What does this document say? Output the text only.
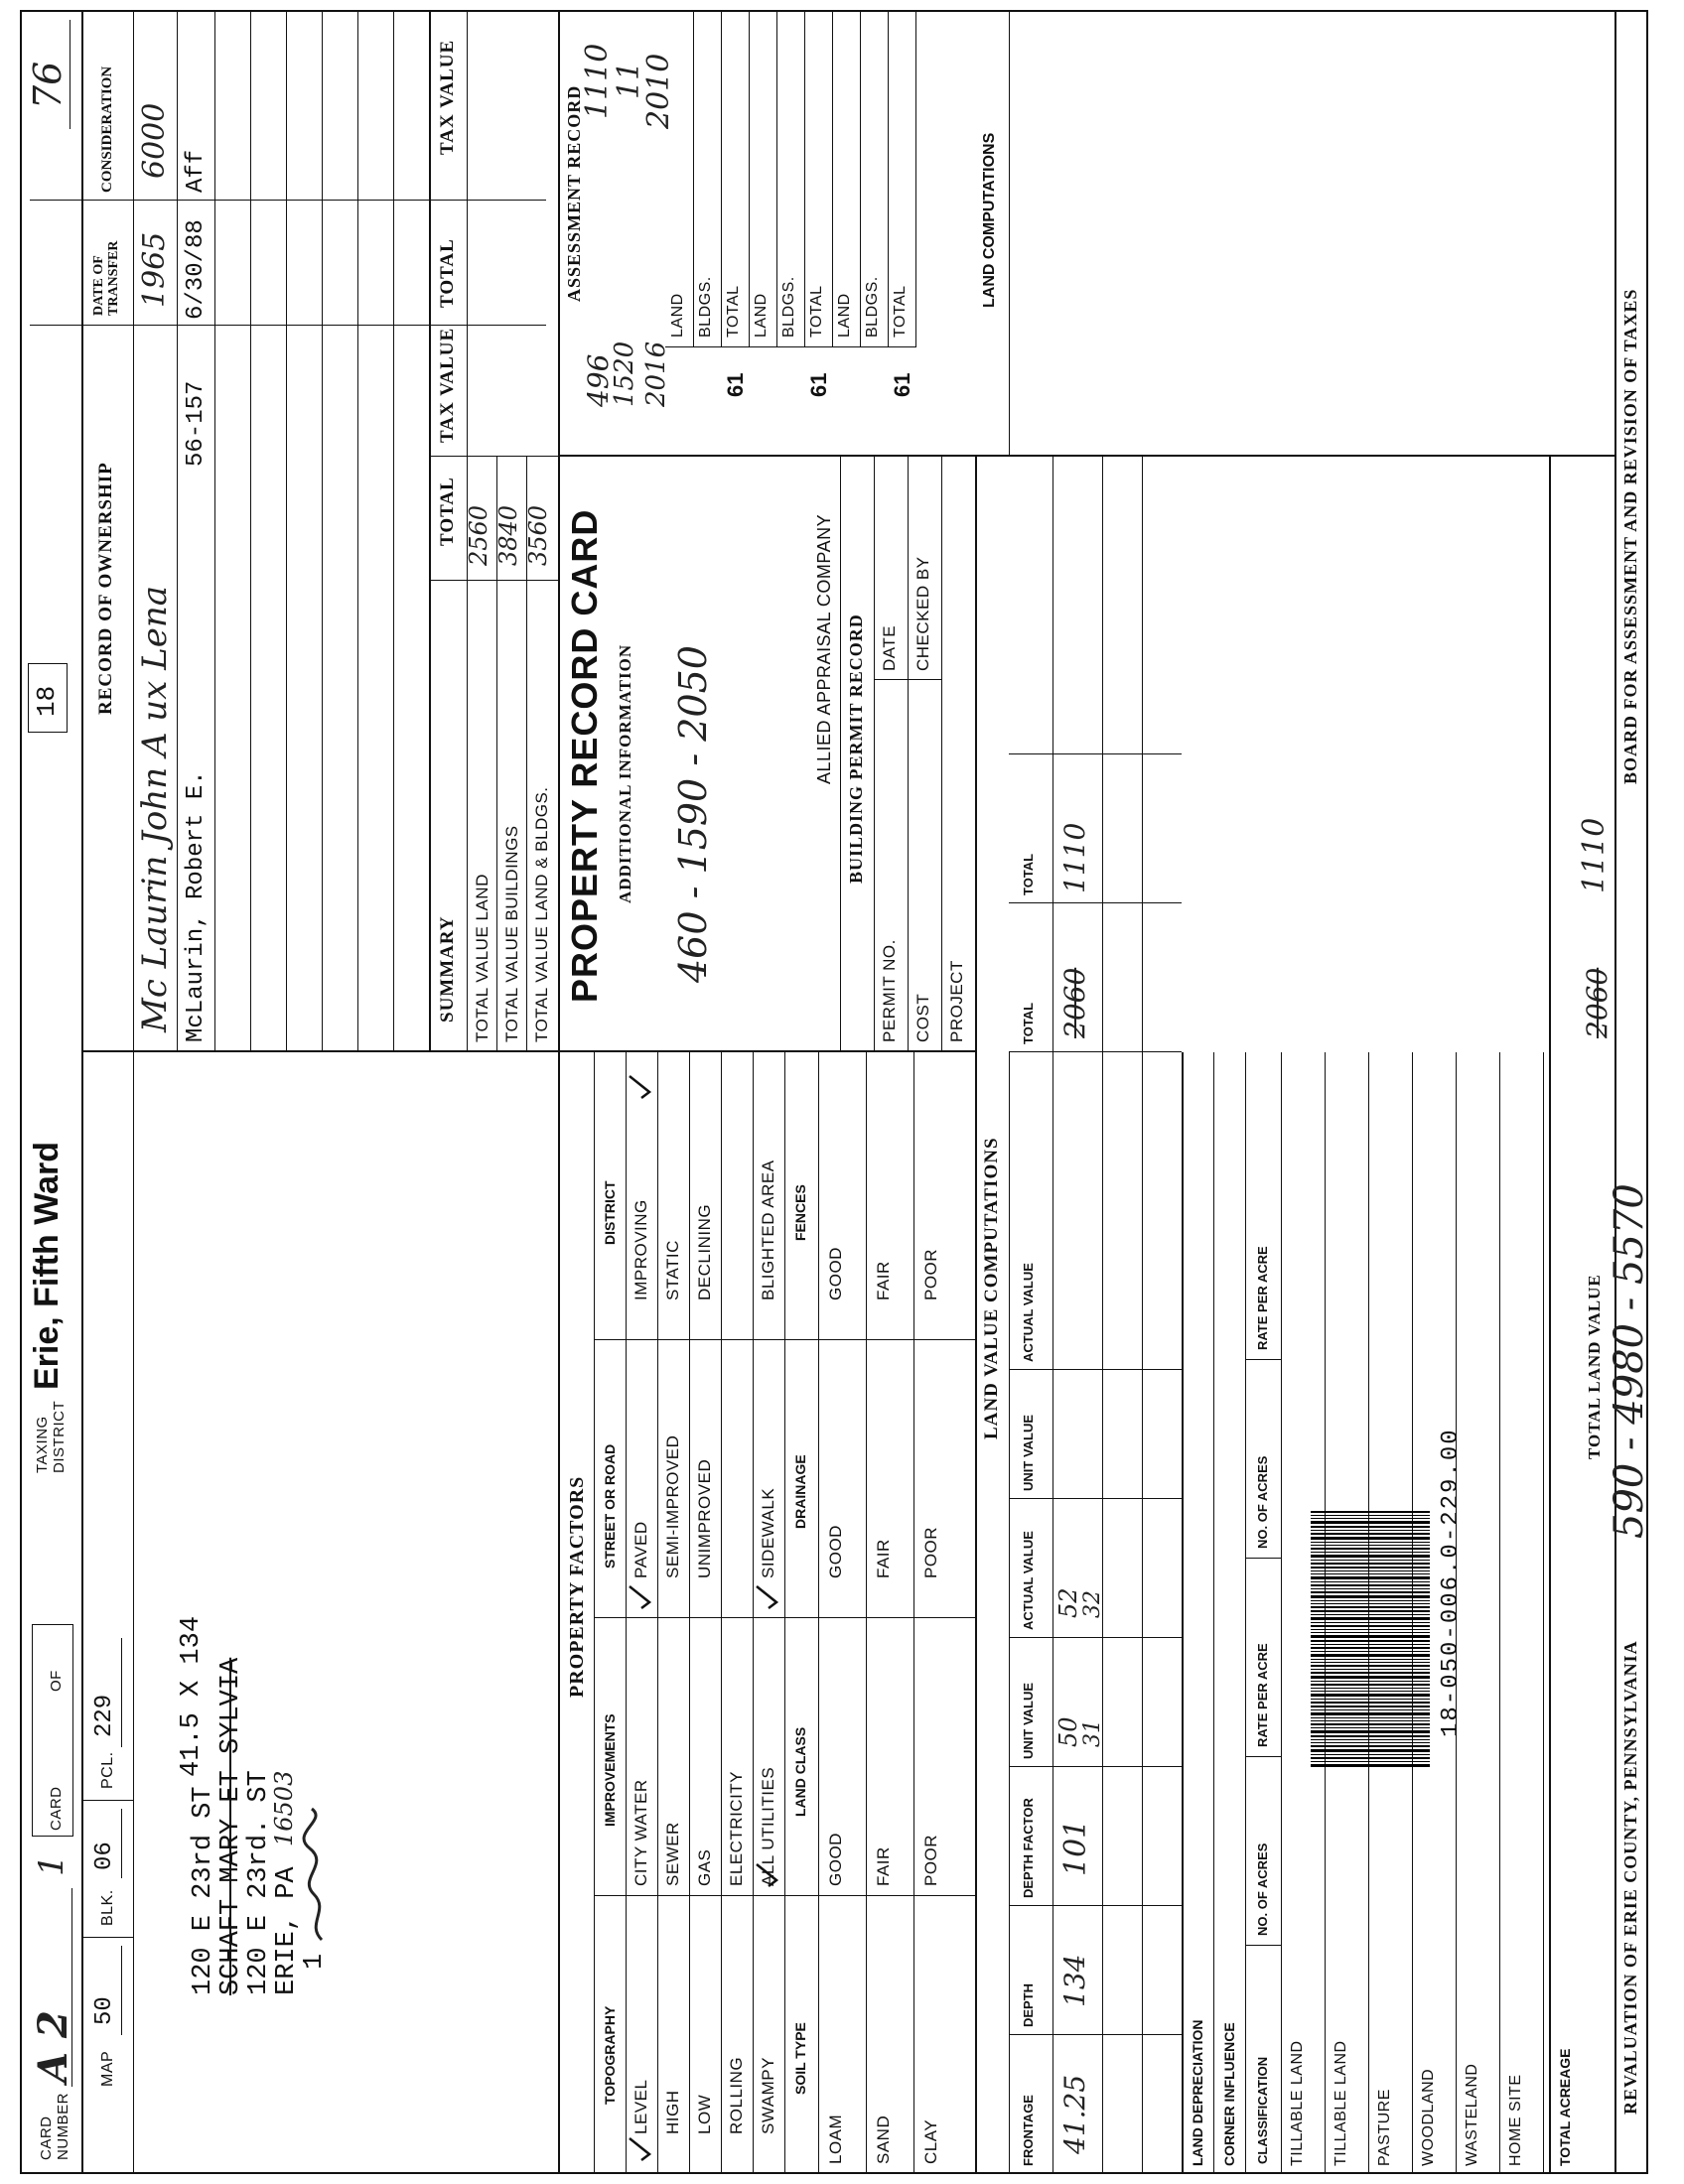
CARD NUMBER
A 2
1
CARD
OF
TAXING DISTRICT
Erie, Fifth Ward
18
76
MAP
50
BLK.
06
PCL.
229
120 E 23rd ST
41.5 X 134 SCHAFT MARY ET SYLVIA
120 E 23rd. ST
ERIE, PA
16503
1
RECORD OF OWNERSHIP
DATE OF TRANSFER
CONSIDERATION
Mc Laurin John A ux Lena
1965
6000
McLaurin, Robert E.
56-157
6/30/88
Aff
SUMMARY
TOTAL
TAX VALUE
TOTAL
TAX VALUE
TOTAL VALUE LAND TOTAL VALUE BUILDINGS TOTAL VALUE LAND & BLDGS.
2560 3840 3560 PROPERTY RECORD CARD ADDITIONAL INFORMATION 460 - 1590 - 2050	ALLIED APPRAISAL COMPANY BUILDING PERMIT RECORD
PERMIT NO.
DATE
COST
CHECKED BY
PROJECT
ASSESSMENT RECORD
496
1520 2016
1110
11
2010
LAND BLDGS. TOTAL
61
LAND BLDGS. TOTAL
61
LAND BLDGS. TOTAL
61
PROPERTY FACTORS
TOPOGRAPHY
IMPROVEMENTS
STREET OR ROAD
DISTRICT
LEVEL
CITY WATER
PAVED
IMPROVING
HIGH
SEWER
SEMI-IMPROVED
STATIC
LOW
GAS
UNIMPROVED
DECLINING
ROLLING
ELECTRICITY
SWAMPY
ALL UTILITIES
SIDEWALK
BLIGHTED AREA
SOIL TYPE
LAND CLASS
DRAINAGE
FENCES
LOAM
GOOD
GOOD
GOOD
SAND
FAIR
FAIR
FAIR
CLAY
POOR
POOR
POOR LAND VALUE COMPUTATIONS
FRONTAGE
DEPTH
DEPTH FACTOR
UNIT VALUE
ACTUAL VALUE
UNIT VALUE
ACTUAL VALUE
TOTAL
TOTAL
41.25
134
101
50
31
52
32
2060
1110
LAND DEPRECIATION CORNER INFLUENCE CLASSIFICATION
NO. OF ACRES
RATE PER ACRE
NO. OF ACRES
RATE PER ACRE
TILLABLE LAND TILLABLE LAND PASTURE WOODLAND WASTELAND HOME SITE
18-050-006.0-229.00
TOTAL ACREAGE
TOTAL LAND VALUE
2060
1110
LAND COMPUTATIONS
REVALUATION OF ERIE COUNTY, PENNSYLVANIA
590 - 4980 - 5570
BOARD FOR ASSESSMENT AND REVISION OF TAXES
